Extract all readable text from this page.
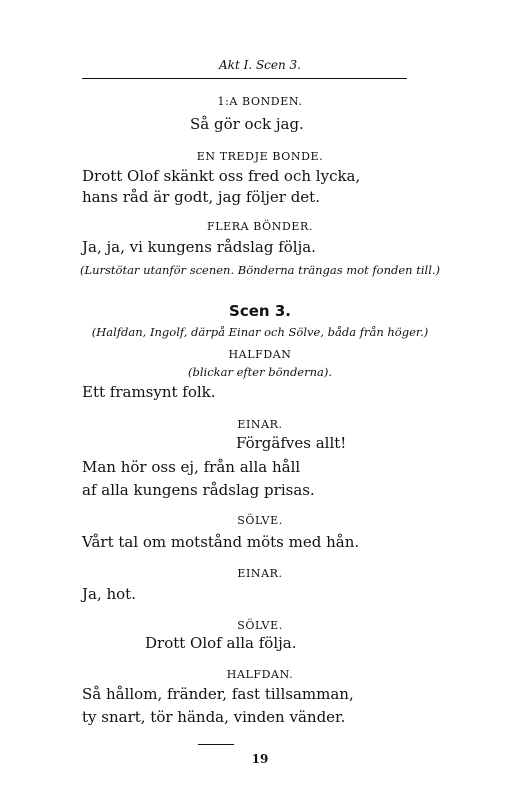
Akt I. Scen 3.
1:A BONDEN.
Så gör ock jag.
EN TREDJE BONDE.
Drott Olof skänkt oss fred och lycka,
hans råd är godt, jag följer det.
FLERA BÖNDER.
Ja, ja, vi kungens rådslag följa.
(Lurstötar utanför scenen. Bönderna trängas mot fonden till.)
Scen 3.
(Halfdan, Ingolf, därpå Einar och Sölve, båda från höger.)
HALFDAN
(blickar efter bönderna).
Ett framsynt folk.
EINAR.
Förgäfves allt!
Man hör oss ej, från alla håll
af alla kungens rådslag prisas.
SÖLVE.
Vårt tal om motstånd möts med hån.
EINAR.
Ja, hot.
SÖLVE.
Drott Olof alla följa.
HALFDAN.
Så hållom, fränder, fast tillsamman,
ty snart, tör hända, vinden vänder.
19
